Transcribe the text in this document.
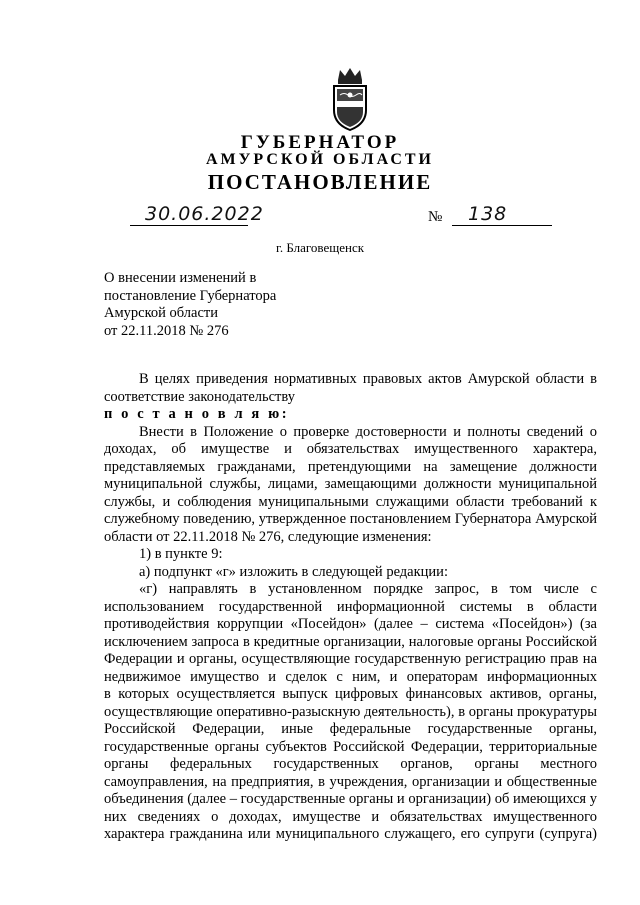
ГУБЕРНАТОР
АМУРСКОЙ ОБЛАСТИ
ПОСТАНОВЛЕНИЕ
30.06.2022	№ 138
г. Благовещенск
О внесении изменений в
постановление Губернатора
Амурской области
от 22.11.2018 № 276
В целях приведения нормативных правовых актов Амурской области в
соответствие законодательству
п о с т а н о в л я ю:
Внести в Положение о проверке достоверности и полноты сведений о
доходах, об имуществе и обязательствах имущественного характера,
представляемых гражданами, претендующими на замещение должности
муниципальной службы, лицами, замещающими должности муниципальной
службы, и соблюдения муниципальными служащими области требований к
служебному поведению, утвержденное постановлением Губернатора Амурской
области от 22.11.2018 № 276, следующие изменения:
1) в пункте 9:
а) подпункт «г» изложить в следующей редакции:
«г) направлять в установленном порядке запрос, в том числе с
использованием государственной информационной системы в области
противодействия коррупции «Посейдон» (далее – система «Посейдон») (за
исключением запроса в кредитные организации, налоговые органы Российской
Федерации и органы, осуществляющие государственную регистрацию прав на
недвижимое имущество и сделок с ним, и операторам информационных
в которых осуществляется выпуск цифровых финансовых активов, органы,
осуществляющие оперативно-разыскную деятельность), в органы прокуратуры
Российской Федерации, иные федеральные государственные органы,
государственные органы субъектов Российской Федерации, территориальные
органы федеральных государственных органов, органы местного
самоуправления, на предприятия, в учреждения, организации и общественные
объединения (далее – государственные органы и организации) об имеющихся у
них сведениях о доходах, имуществе и обязательствах имущественного
характера гражданина или муниципального служащего, его супруги (супруга)
